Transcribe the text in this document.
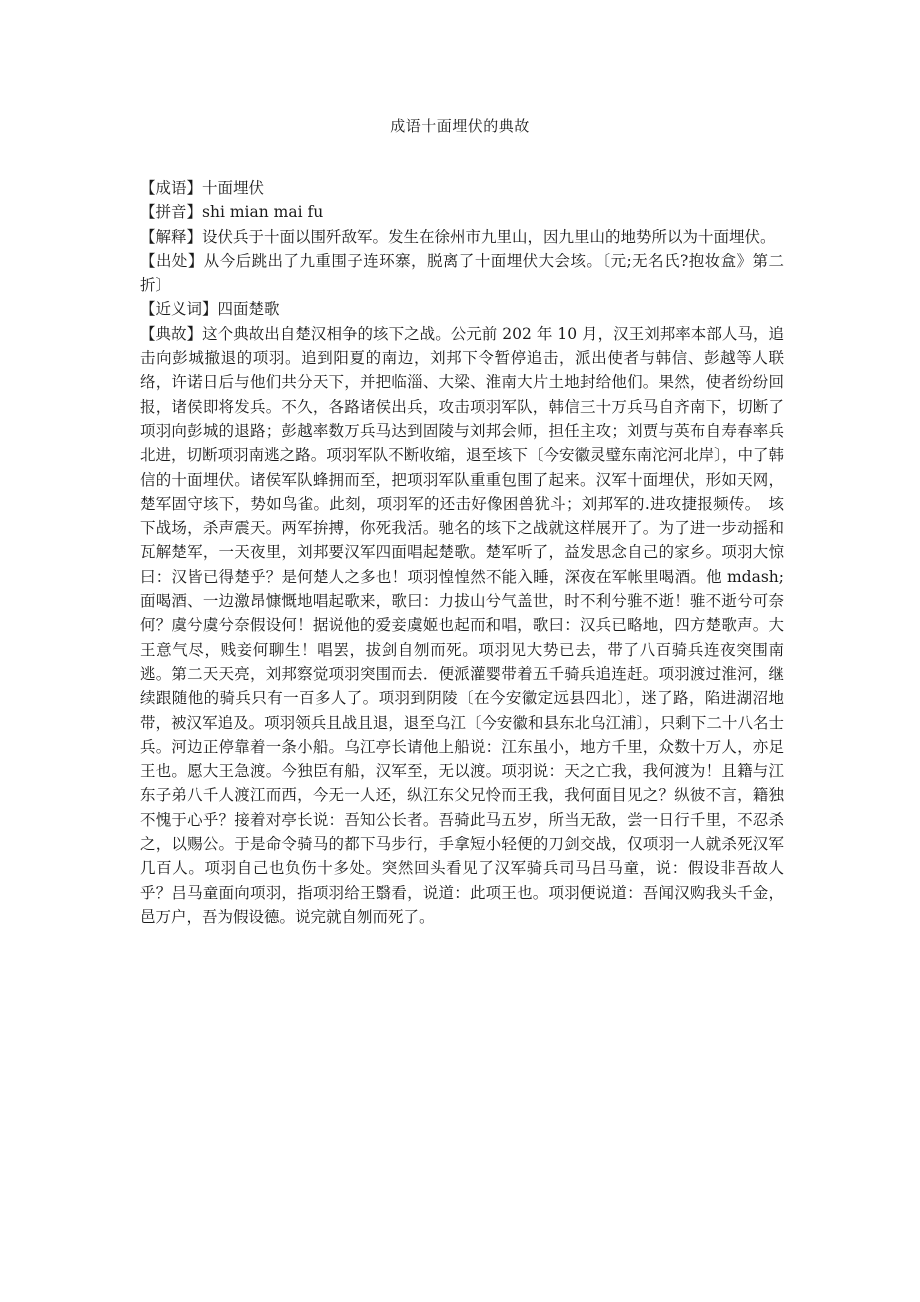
成语十面埋伏的典故

【成语】十面埋伏

【拼音】shi mian mai fu

【解释】设伏兵于十面以围歼敌军。发生在徐州市九里山，因九里山的地势所以为十面埋伏。

【出处】从今后跳出了九重围子连环寨，脱离了十面埋伏大会垓。〔元;无名氏?抱妆盒》第二折〕

【近义词】四面楚歌

【典故】这个典故出自楚汉相争的垓下之战。公元前 202 年 10 月，汉王刘邦率本部人马，追击向彭城撤退的项羽。追到阳夏的南边，刘邦下令暂停追击，派出使者与韩信、彭越等人联络，许诺日后与他们共分天下，并把临淄、大梁、淮南大片土地封给他们。果然，使者纷纷回报，诸侯即将发兵。不久，各路诸侯出兵，攻击项羽军队，韩信三十万兵马自齐南下，切断了项羽向彭城的退路；彭越率数万兵马达到固陵与刘邦会师，担任主攻；刘贾与英布自寿春率兵北进，切断项羽南逃之路。项羽军队不断收缩，退至垓下〔今安徽灵璧东南沱河北岸〕，中了韩信的十面埋伏。诸侯军队蜂拥而至，把项羽军队重重包围了起来。汉军十面埋伏，形如天网，楚军固守垓下，势如鸟雀。此刻，项羽军的还击好像困兽犹斗；刘邦军的.进攻捷报频传。　垓下战场，杀声震天。两军拚搏，你死我活。驰名的垓下之战就这样展开了。为了进一步动摇和瓦解楚军，一天夜里，刘邦要汉军四面唱起楚歌。楚军听了，益发思念自己的家乡。项羽大惊曰：汉皆已得楚乎？是何楚人之多也！项羽惶惶然不能入睡，深夜在军帐里喝酒。他 mdash;面喝酒、一边激昂慷慨地唱起歌来，歌曰：力拔山兮气盖世，时不利兮骓不逝！骓不逝兮可奈何？虞兮虞兮奈假设何！据说他的爱妾虞姬也起而和唱，歌曰：汉兵已略地，四方楚歌声。大王意气尽，贱妾何聊生！唱罢，拔剑自刎而死。项羽见大势已去，带了八百骑兵连夜突围南逃。第二天天亮，刘邦察觉项羽突围而去．便派灌婴带着五千骑兵追连赶。项羽渡过淮河，继续跟随他的骑兵只有一百多人了。项羽到阴陵〔在今安徽定远县四北〕，迷了路，陷进湖沼地带，被汉军追及。项羽领兵且战且退，退至乌江〔今安徽和县东北乌江浦〕，只剩下二十八名士兵。河边正停靠着一条小船。乌江亭长请他上船说：江东虽小，地方千里，众数十万人，亦足王也。愿大王急渡。今独臣有船，汉军至，无以渡。项羽说：天之亡我，我何渡为！且籍与江东子弟八千人渡江而西，今无一人还，纵江东父兄怜而王我，我何面目见之？纵彼不言，籍独不愧于心乎？接着对亭长说：吾知公长者。吾骑此马五岁，所当无敌，尝一日行千里，不忍杀之，以赐公。于是命令骑马的都下马步行，手拿短小轻便的刀剑交战，仅项羽一人就杀死汉军几百人。项羽自己也负伤十多处。突然回头看见了汉军骑兵司马吕马童，说：假设非吾故人乎？吕马童面向项羽，指项羽给王翳看，说道：此项王也。项羽便说道：吾闻汉购我头千金，邑万户，吾为假设德。说完就自刎而死了。
